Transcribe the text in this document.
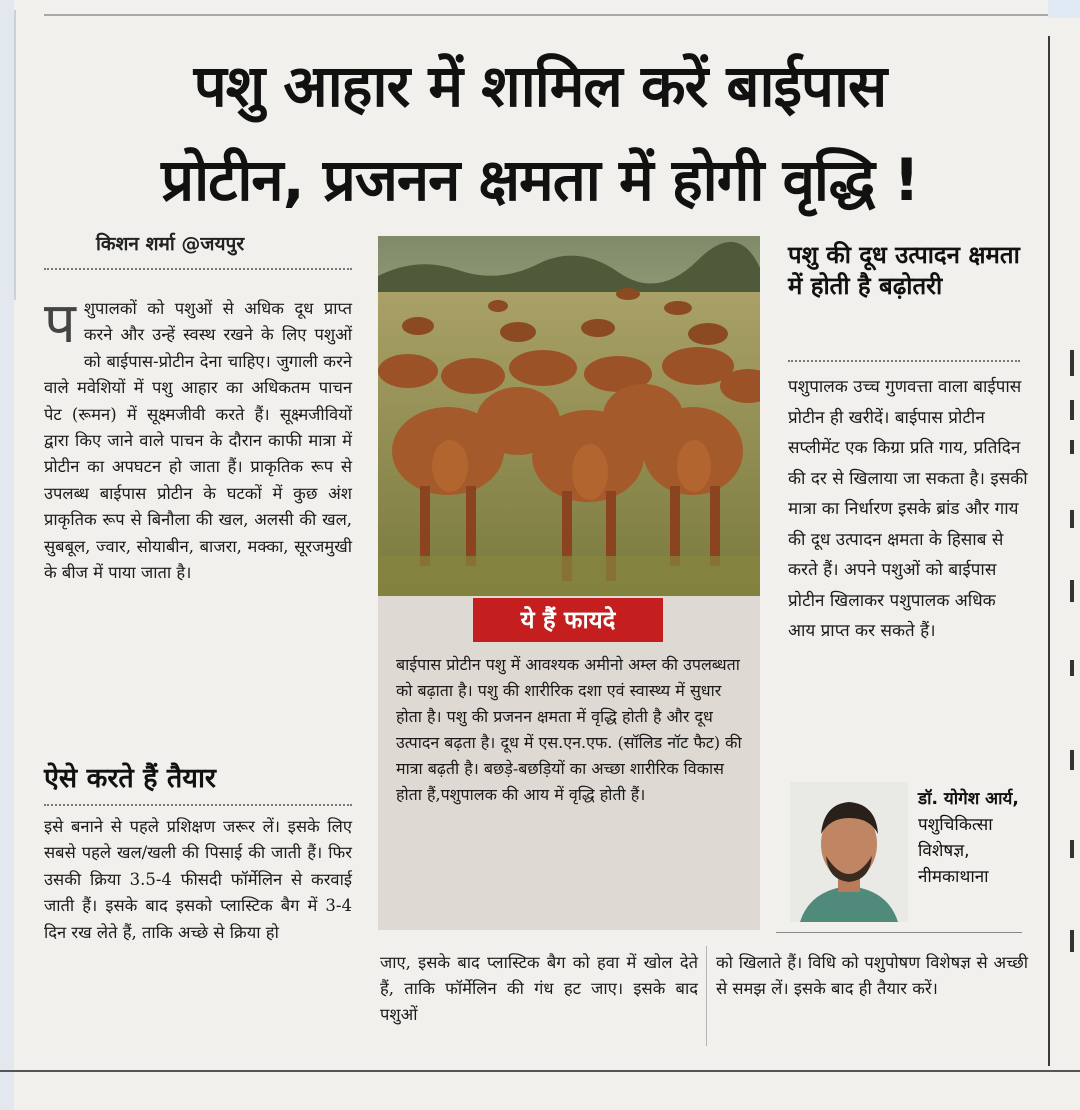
पशु आहार में शामिल करें बाईपास
प्रोटीन, प्रजनन क्षमता में होगी वृद्धि !
किशन शर्मा @जयपुर
प शुपालकों को पशुओं से अधिक दूध प्राप्त करने और उन्हें स्वस्थ रखने के लिए पशुओं को बाईपास-प्रोटीन देना चाहिए। जुगाली करने वाले मवेशियों में पशु आहार का अधिकतम पाचन पेट (रूमन) में सूक्ष्मजीवी करते हैं। सूक्ष्मजीवियों द्वारा किए जाने वाले पाचन के दौरान काफी मात्रा में प्रोटीन का अपघटन हो जाता हैं। प्राकृतिक रूप से उपलब्ध बाईपास प्रोटीन के घटकों में कुछ अंश प्राकृतिक रूप से बिनौला की खल, अलसी की खल, सुबबूल, ज्वार, सोयाबीन, बाजरा, मक्का, सूरजमुखी के बीज में पाया जाता है।
ऐसे करते हैं तैयार
इसे बनाने से पहले प्रशिक्षण जरूर लें। इसके लिए सबसे पहले खल/खली की पिसाई की जाती हैं। फिर उसकी क्रिया 3.5-4 फीसदी फॉर्मेलिन से करवाई जाती हैं। इसके बाद इसको प्लास्टिक बैग में 3-4 दिन रख लेते हैं, ताकि अच्छे से क्रिया हो
ये हैं फायदे
बाईपास प्रोटीन पशु में आवश्यक अमीनो अम्ल की उपलब्धता को बढ़ाता है। पशु की शारीरिक दशा एवं स्वास्थ्य में सुधार होता है। पशु की प्रजनन क्षमता में वृद्धि होती है और दूध उत्पादन बढ़ता है। दूध में एस.एन.एफ. (सॉलिड नॉट फैट) की मात्रा बढ़ती है। बछड़े-बछड़ियों का अच्छा शारीरिक विकास होता हैं,पशुपालक की आय में वृद्धि होती हैं।
पशु की दूध उत्पादन क्षमता में होती है बढ़ोतरी
पशुपालक उच्च गुणवत्ता वाला बाईपास प्रोटीन ही खरीदें। बाईपास प्रोटीन सप्लीमेंट एक किग्रा प्रति गाय, प्रतिदिन की दर से खिलाया जा सकता है। इसकी मात्रा का निर्धारण इसके ब्रांड और गाय की दूध उत्पादन क्षमता के हिसाब से करते हैं। अपने पशुओं को बाईपास प्रोटीन खिलाकर पशुपालक अधिक आय प्राप्त कर सकते हैं।
डॉ. योगेश आर्य,
पशुचिकित्सा विशेषज्ञ,
नीमकाथाना
जाए, इसके बाद प्लास्टिक बैग को हवा में खोल देते हैं, ताकि फॉर्मेलिन की गंध हट जाए। इसके बाद पशुओं
को खिलाते हैं। विधि को पशुपोषण विशेषज्ञ से अच्छी से समझ लें। इसके बाद ही तैयार करें।
